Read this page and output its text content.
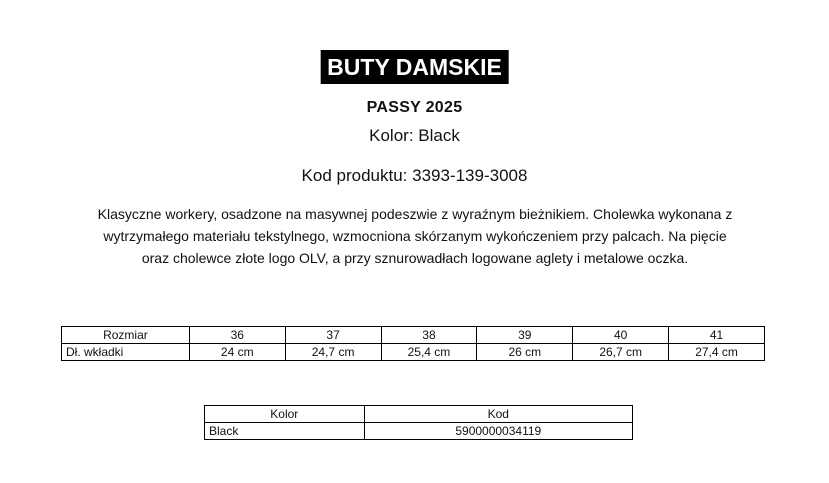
BUTY DAMSKIE
PASSY 2025
Kolor: Black
Kod produktu: 3393-139-3008
Klasyczne workery, osadzone na masywnej podeszwie z wyraźnym bieżnikiem. Cholewka wykonana z
wytrzymałego materiału tekstylnego, wzmocniona skórzanym wykończeniem przy palcach. Na pięcie
oraz cholewce złote logo OLV, a przy sznurowadłach logowane aglety i metalowe oczka.
Rozmiar	36	37	38	39	40	41
Dł. wkładki	24 cm	24,7 cm	25,4 cm	26 cm	26,7 cm	27,4 cm
Kolor	Kod
Black	5900000034119
